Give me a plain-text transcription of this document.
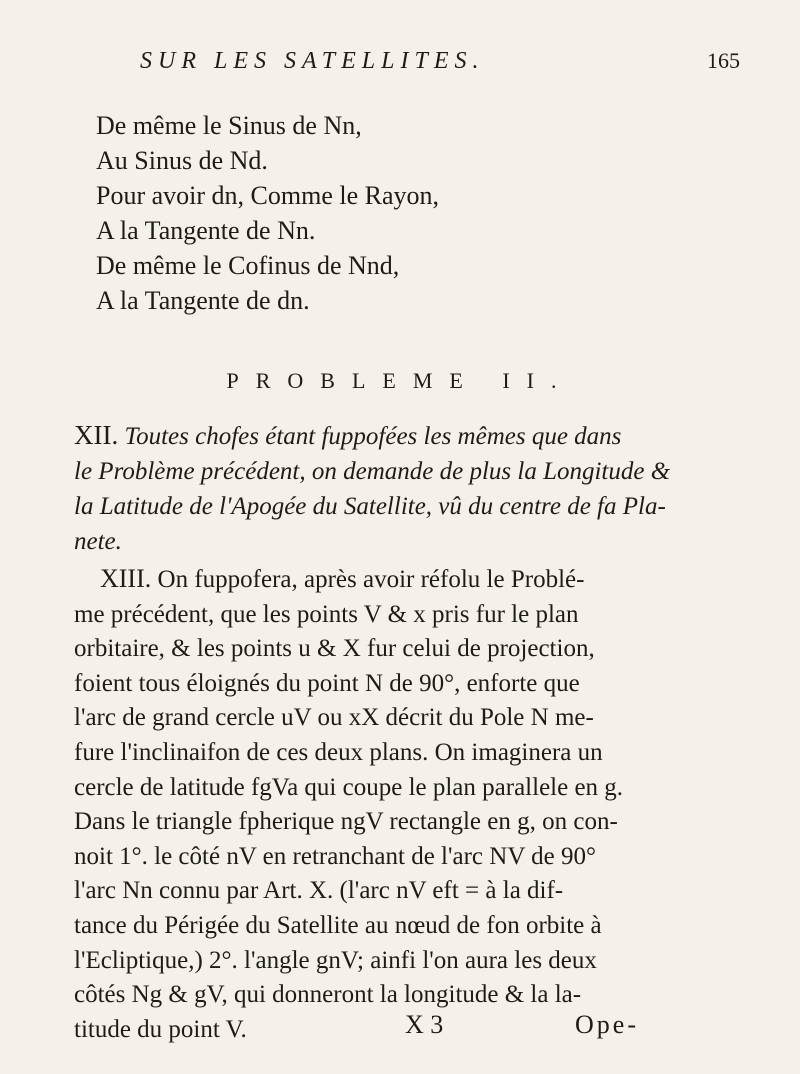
SUR LES SATELLITES.	165
De même le Sinus de Nn,
Au Sinus de Nd.
Pour avoir dn, Comme le Rayon,
A la Tangente de Nn.
De même le Cofinus de Nnd,
A la Tangente de dn.
PROBLEME II.
XII. Toutes chofes étant fuppofées les mêmes que dans
le Problème précédent, on demande de plus la Longitude &
la Latitude de l'Apogée du Satellite, vû du centre de fa Pla-
nete.
XIII. On fuppofera, après avoir réfolu le Problé-
me précédent, que les points V & x pris fur le plan
orbitaire, & les points u & X fur celui de projection,
foient tous éloignés du point N de 90°, enforte que
l'arc de grand cercle uV ou xX décrit du Pole N me-
fure l'inclinaifon de ces deux plans. On imaginera un
cercle de latitude fgVa qui coupe le plan parallele en g.
Dans le triangle fpherique ngV rectangle en g, on con-
noit 1°. le côté nV en retranchant de l'arc NV de 90°
l'arc Nn connu par Art. X. (l'arc nV eft = à la dif-
tance du Périgée du Satellite au nœud de fon orbite à
l'Ecliptique,) 2°. l'angle gnV; ainfi l'on aura les deux
côtés Ng & gV, qui donneront la longitude & la la-
titude du point V.	X 3	Ope-
